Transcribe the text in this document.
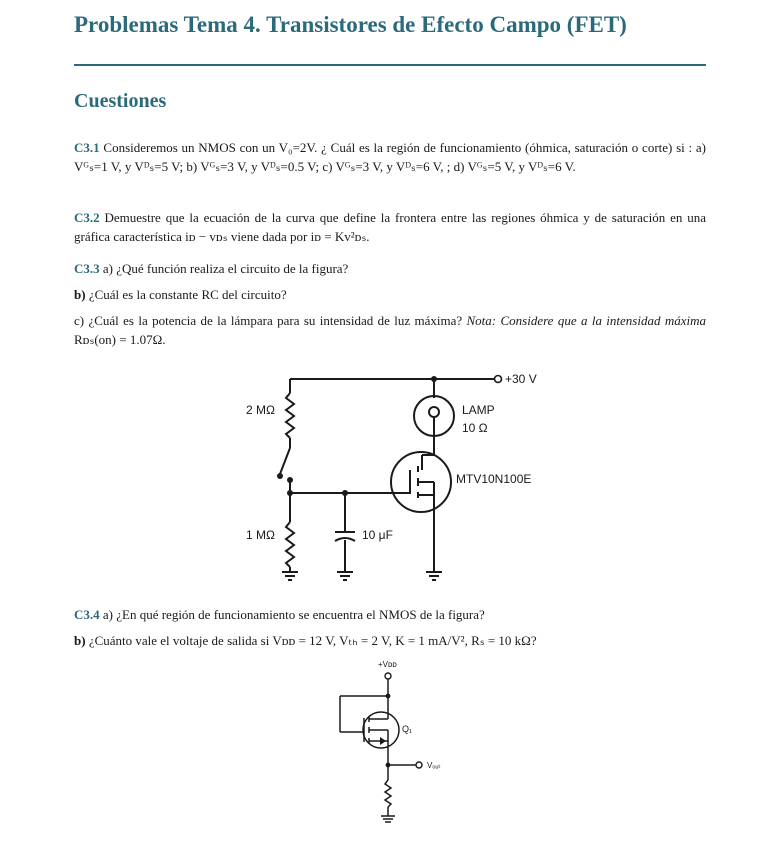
Problemas Tema 4. Transistores de Efecto Campo (FET)
Cuestiones
C3.1 Consideremos un NMOS con un V₀=2V. ¿ Cuál es la región de funcionamiento (óhmica, saturación o corte) si : a) Vᴳₛ=1 V, y Vᴰₛ=5 V; b) Vᴳₛ=3 V, y Vᴰₛ=0.5 V; c) Vᴳₛ=3 V, y Vᴰₛ=6 V, ; d) Vᴳₛ=5 V, y Vᴰₛ=6 V.
C3.2 Demuestre que la ecuación de la curva que define la frontera entre las regiones óhmica y de saturación en una gráfica característica iᴅ − vᴅₛ viene dada por iᴅ = Kv²ᴅₛ.
C3.3 a) ¿Qué función realiza el circuito de la figura?
b) ¿Cuál es la constante RC del circuito?
c) ¿Cuál es la potencia de la lámpara para su intensidad de luz máxima? Nota: Considere que a la intensidad máxima Rᴅₛ(on) = 1.07Ω.
+30 V
2 MΩ	LAMP
10 Ω
MTV10N100E
1 MΩ	10 μF
C3.4 a) ¿En qué región de funcionamiento se encuentra el NMOS de la figura?
b) ¿Cuánto vale el voltaje de salida si Vᴅᴅ = 12 V, Vₜₕ = 2 V, K = 1 mA/V², Rₛ = 10 kΩ?
+Vᴅᴅ
Q₁
Vₒᵤₜ
